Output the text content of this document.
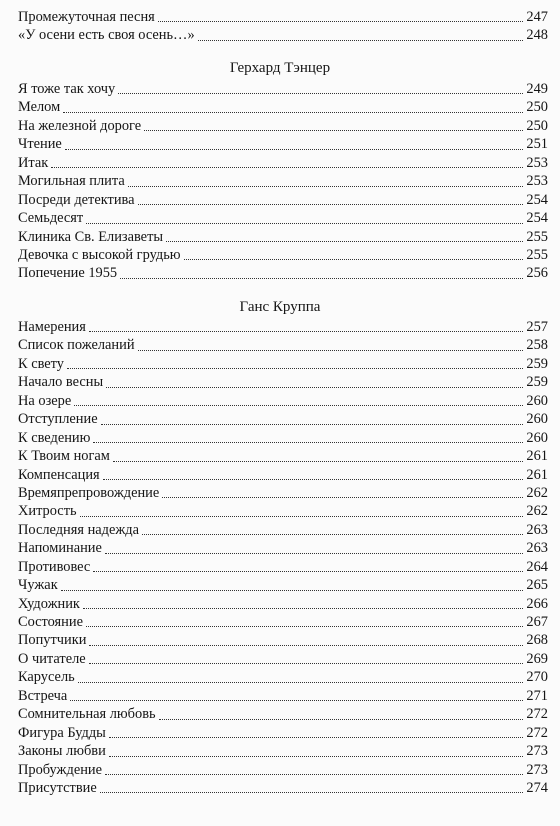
Промежуточная песня	247
«У осени есть своя осень…»	248
Герхард Тэнцер
Я тоже так хочу	249
Мелом	250
На железной дороге	250
Чтение	251
Итак	253
Могильная плита	253
Посреди детектива	254
Семьдесят	254
Клиника Св. Елизаветы	255
Девочка с высокой грудью	255
Попечение 1955	256
Ганс Круппа
Намерения	257
Список пожеланий	258
К свету	259
Начало весны	259
На озере	260
Отступление	260
К сведению	260
К Твоим ногам	261
Компенсация	261
Времяпрепровождение	262
Хитрость	262
Последняя надежда	263
Напоминание	263
Противовес	264
Чужак	265
Художник	266
Состояние	267
Попутчики	268
О читателе	269
Карусель	270
Встреча	271
Сомнительная любовь	272
Фигура Будды	272
Законы любви	273
Пробуждение	273
Присутствие	274
